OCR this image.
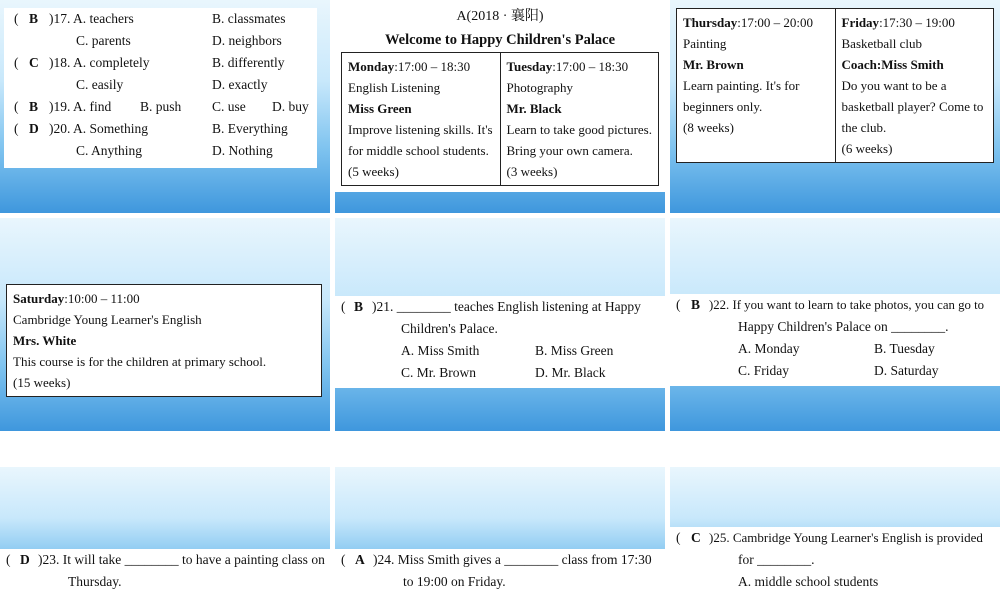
( B )17. A. teachers	B. classmates
C. parents	D. neighbors
( C )18. A. completely	B. differently
C. easily	D. exactly
( B )19. A. find B. push C. use D. buy
( D )20. A. Something	B. Everything
C. Anything	D. Nothing
A(2018 · 襄阳)
Welcome to Happy Children's Palace
Monday:17:00 – 18:30
English Listening
Miss Green
Improve listening skills. It's for middle school students.
(5 weeks)

Tuesday:17:00 – 18:30
Photography
Mr. Black
Learn to take good pictures. Bring your own camera.
(3 weeks)
Thursday:17:00 – 20:00
Painting
Mr. Brown
Learn painting. It's for beginners only.
(8 weeks)

Friday:17:30 – 19:00
Basketball club
Coach:Miss Smith
Do you want to be a basketball player? Come to the club.
(6 weeks)
Saturday:10:00 – 11:00
Cambridge Young Learner's English
Mrs. White
This course is for the children at primary school.
(15 weeks)
( B )21. ________ teaches English listening at Happy
Children's Palace.
A. Miss Smith	B. Miss Green
C. Mr. Brown	D. Mr. Black
( B )22. If you want to learn to take photos, you can go to
Happy Children's Palace on ________.
A. Monday	B. Tuesday
C. Friday	D. Saturday
( D )23. It will take ________ to have a painting class on
Thursday.
( A )24. Miss Smith gives a ________ class from 17:30
to 19:00 on Friday.
( C )25. Cambridge Young Learner's English is provided
for ________.
A. middle school students
